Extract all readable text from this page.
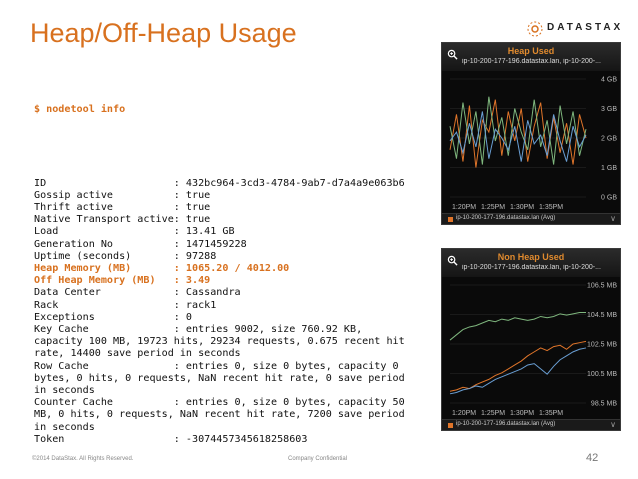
Heap/Off-Heap Usage	DATASTAX

$ nodetool info

ID                     : 432bc964-3cd3-4784-9ab7-d7a4a9e063b6
Gossip active          : true
Thrift active          : true
Native Transport active: true
Load                   : 13.41 GB
Generation No          : 1471459228
Uptime (seconds)       : 97288
Heap Memory (MB)       : 1065.20 / 4012.00
Off Heap Memory (MB)   : 3.49
Data Center            : Cassandra
Rack                   : rack1
Exceptions             : 0
Key Cache              : entries 9002, size 760.92 KB,
capacity 100 MB, 19723 hits, 29234 requests, 0.675 recent hit
rate, 14400 save period in seconds
Row Cache              : entries 0, size 0 bytes, capacity 0
bytes, 0 hits, 0 requests, NaN recent hit rate, 0 save period
in seconds
Counter Cache          : entries 0, size 0 bytes, capacity 50
MB, 0 hits, 0 requests, NaN recent hit rate, 7200 save period
in seconds
Token                  : -3074457345618258603

Heap Used
ip-10-200-177-196.datastax.lan, ip-10-200-...
4 GB
3 GB
2 GB
1 GB
0 GB
1:20PM 1:25PM 1:30PM 1:35PM
ip-10-200-177-196.datastax.lan (Avg)	∨
Non Heap Used
ip-10-200-177-196.datastax.lan, ip-10-200-...
106.5 MB
104.5 MB
102.5 MB
100.5 MB
98.5 MB
1:20PM 1:25PM 1:30PM 1:35PM
ip-10-200-177-196.datastax.lan (Avg)	∨
©2014 DataStax. All Rights Reserved.	Company Confidential	42
